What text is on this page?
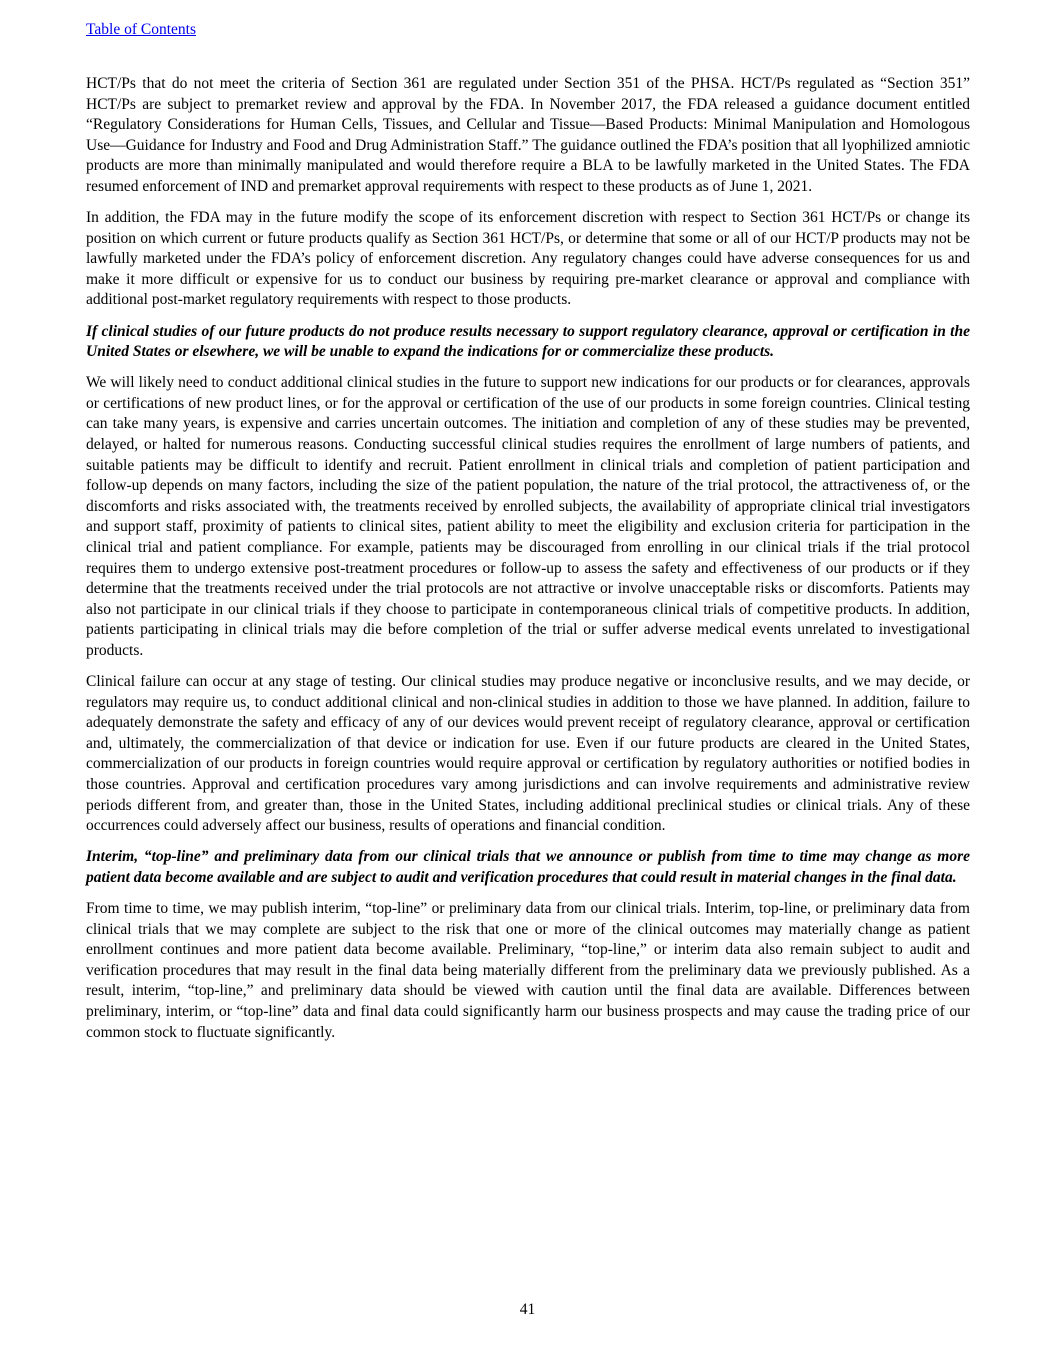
Table of Contents

HCT/Ps that do not meet the criteria of Section 361 are regulated under Section 351 of the PHSA. HCT/Ps regulated as “Section 351” HCT/Ps are subject to premarket review and approval by the FDA. In November 2017, the FDA released a guidance document entitled “Regulatory Considerations for Human Cells, Tissues, and Cellular and Tissue—Based Products: Minimal Manipulation and Homologous Use—Guidance for Industry and Food and Drug Administration Staff.” The guidance outlined the FDA’s position that all lyophilized amniotic products are more than minimally manipulated and would therefore require a BLA to be lawfully marketed in the United States. The FDA resumed enforcement of IND and premarket approval requirements with respect to these products as of June 1, 2021.

In addition, the FDA may in the future modify the scope of its enforcement discretion with respect to Section 361 HCT/Ps or change its position on which current or future products qualify as Section 361 HCT/Ps, or determine that some or all of our HCT/P products may not be lawfully marketed under the FDA’s policy of enforcement discretion. Any regulatory changes could have adverse consequences for us and make it more difficult or expensive for us to conduct our business by requiring pre-market clearance or approval and compliance with additional post-market regulatory requirements with respect to those products.

If clinical studies of our future products do not produce results necessary to support regulatory clearance, approval or certification in the United States or elsewhere, we will be unable to expand the indications for or commercialize these products.

We will likely need to conduct additional clinical studies in the future to support new indications for our products or for clearances, approvals or certifications of new product lines, or for the approval or certification of the use of our products in some foreign countries. Clinical testing can take many years, is expensive and carries uncertain outcomes. The initiation and completion of any of these studies may be prevented, delayed, or halted for numerous reasons. Conducting successful clinical studies requires the enrollment of large numbers of patients, and suitable patients may be difficult to identify and recruit. Patient enrollment in clinical trials and completion of patient participation and follow-up depends on many factors, including the size of the patient population, the nature of the trial protocol, the attractiveness of, or the discomforts and risks associated with, the treatments received by enrolled subjects, the availability of appropriate clinical trial investigators and support staff, proximity of patients to clinical sites, patient ability to meet the eligibility and exclusion criteria for participation in the clinical trial and patient compliance. For example, patients may be discouraged from enrolling in our clinical trials if the trial protocol requires them to undergo extensive post-treatment procedures or follow-up to assess the safety and effectiveness of our products or if they determine that the treatments received under the trial protocols are not attractive or involve unacceptable risks or discomforts. Patients may also not participate in our clinical trials if they choose to participate in contemporaneous clinical trials of competitive products. In addition, patients participating in clinical trials may die before completion of the trial or suffer adverse medical events unrelated to investigational products.

Clinical failure can occur at any stage of testing. Our clinical studies may produce negative or inconclusive results, and we may decide, or regulators may require us, to conduct additional clinical and non-clinical studies in addition to those we have planned. In addition, failure to adequately demonstrate the safety and efficacy of any of our devices would prevent receipt of regulatory clearance, approval or certification and, ultimately, the commercialization of that device or indication for use. Even if our future products are cleared in the United States, commercialization of our products in foreign countries would require approval or certification by regulatory authorities or notified bodies in those countries. Approval and certification procedures vary among jurisdictions and can involve requirements and administrative review periods different from, and greater than, those in the United States, including additional preclinical studies or clinical trials. Any of these occurrences could adversely affect our business, results of operations and financial condition.

Interim, “top-line” and preliminary data from our clinical trials that we announce or publish from time to time may change as more patient data become available and are subject to audit and verification procedures that could result in material changes in the final data.

From time to time, we may publish interim, “top-line” or preliminary data from our clinical trials. Interim, top-line, or preliminary data from clinical trials that we may complete are subject to the risk that one or more of the clinical outcomes may materially change as patient enrollment continues and more patient data become available. Preliminary, “top-line,” or interim data also remain subject to audit and verification procedures that may result in the final data being materially different from the preliminary data we previously published. As a result, interim, “top-line,” and preliminary data should be viewed with caution until the final data are available. Differences between preliminary, interim, or “top-line” data and final data could significantly harm our business prospects and may cause the trading price of our common stock to fluctuate significantly.

41
